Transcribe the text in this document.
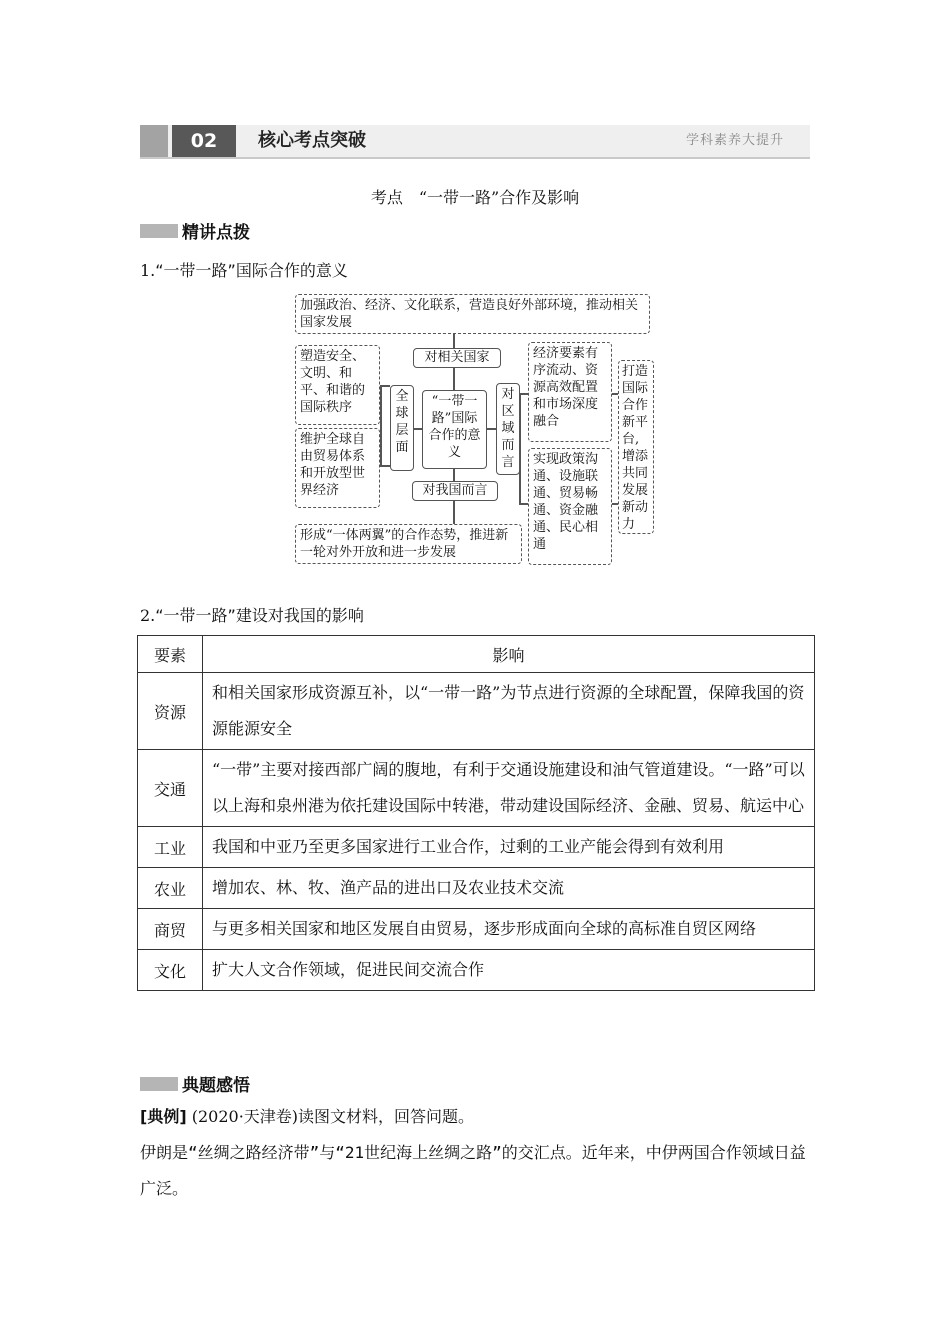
02	核心考点突破	学科素养大提升
考点　“一带一路”合作及影响
精讲点拨
1.“一带一路”国际合作的意义
加强政治、经济、文化联系，营造良好外部环境，推动相关国家发展
对相关国家
塑造安全、文明、和平、和谐的国际秩序
维护全球自由贸易体系和开放型世界经济
全球层面
“一带一路”国际合作的意义
对区域而言
经济要素有序流动、资源高效配置和市场深度融合
实现政策沟通、设施联通、贸易畅通、资金融通、民心相通
打造国际合作新平台,增添共同发展新动力
对我国而言
形成“一体两翼”的合作态势，推进新一轮对外开放和进一步发展
2.“一带一路”建设对我国的影响
要素	影响
资源	和相关国家形成资源互补，以“一带一路”为节点进行资源的全球配置，保障我国的资源能源安全
交通	“一带”主要对接西部广阔的腹地，有利于交通设施建设和油气管道建设。“一路”可以以上海和泉州港为依托建设国际中转港，带动建设国际经济、金融、贸易、航运中心
工业	我国和中亚乃至更多国家进行工业合作，过剩的工业产能会得到有效利用
农业	增加农、林、牧、渔产品的进出口及农业技术交流
商贸	与更多相关国家和地区发展自由贸易，逐步形成面向全球的高标准自贸区网络
文化	扩大人文合作领域，促进民间交流合作
典题感悟
[典例] (2020·天津卷)读图文材料，回答问题。
伊朗是“丝绸之路经济带”与“21世纪海上丝绸之路”的交汇点。近年来，中伊两国合作领域日益广泛。
